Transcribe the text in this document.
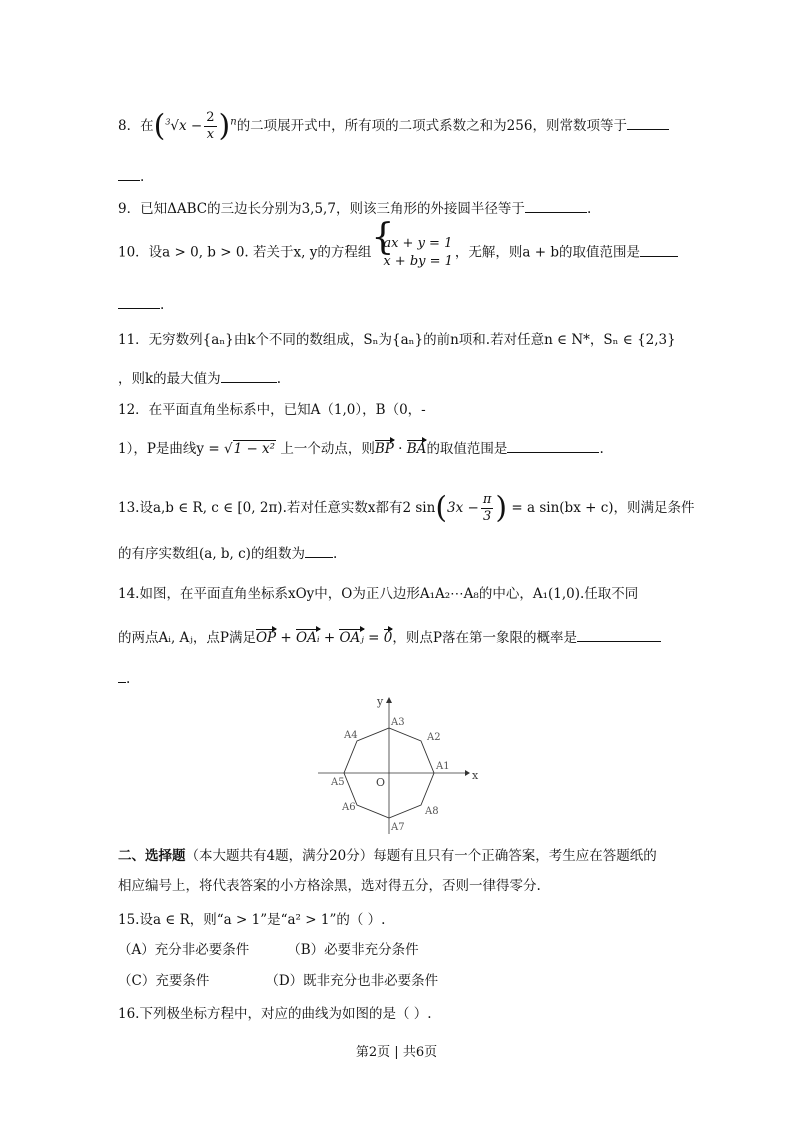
8．在$(^3√x - \frac{2}{x} )^n$的二项展开式中，所有项的二项式系数之和为256，则常数项等于
.
9．已知ΔABC的三边长分别为3,5,7，则该三角形的外接圆半径等于	.
10．设a > 0, b > 0. 若关于x, y的方程组
{ ax + y = 1
x + by = 1
，无解，则a + b的取值范围是
.
11．无穷数列{aₙ}由k个不同的数组成，Sₙ为{aₙ}的前n项和.若对任意n ∈ N*，Sₙ ∈ {2,3}
，则k的最大值为	.
12．在平面直角坐标系中，已知A（1,0），B（0，-
1），P是曲线y = √1 − x² 上一个动点，则BP · BA的取值范围是	.
13.设a,b ∈ R, c ∈ [0, 2π).若对任意实数x都有2 $\sin(3x - \frac{\pi}{3}$ ) = a sin(bx + c)，则满足条件
的有序实数组(a, b, c)的组数为 .
14.如图，在平面直角坐标系xOy中，O为正八边形A₁A₂⋯A₈的中心，A₁(1,0).任取不同
的两点Aᵢ, Aⱼ，点P满足OP + OAᵢ + OAⱼ = 0，则点P落在第一象限的概率是
.
x
y
O
A1
A2
A3
A4
A5
A6
A7
A8
二、选择题（本大题共有4题，满分20分）每题有且只有一个正确答案，考生应在答题纸的
相应编号上，将代表答案的小方格涂黑，选对得五分，否则一律得零分.
15.设a ∈ R，则“a > 1”是“a² > 1”的（ ）.
（A）充分非必要条件	（B）必要非充分条件
（C）充要条件	（D）既非充分也非必要条件
16.下列极坐标方程中，对应的曲线为如图的是（ ）.
第2页 | 共6页
